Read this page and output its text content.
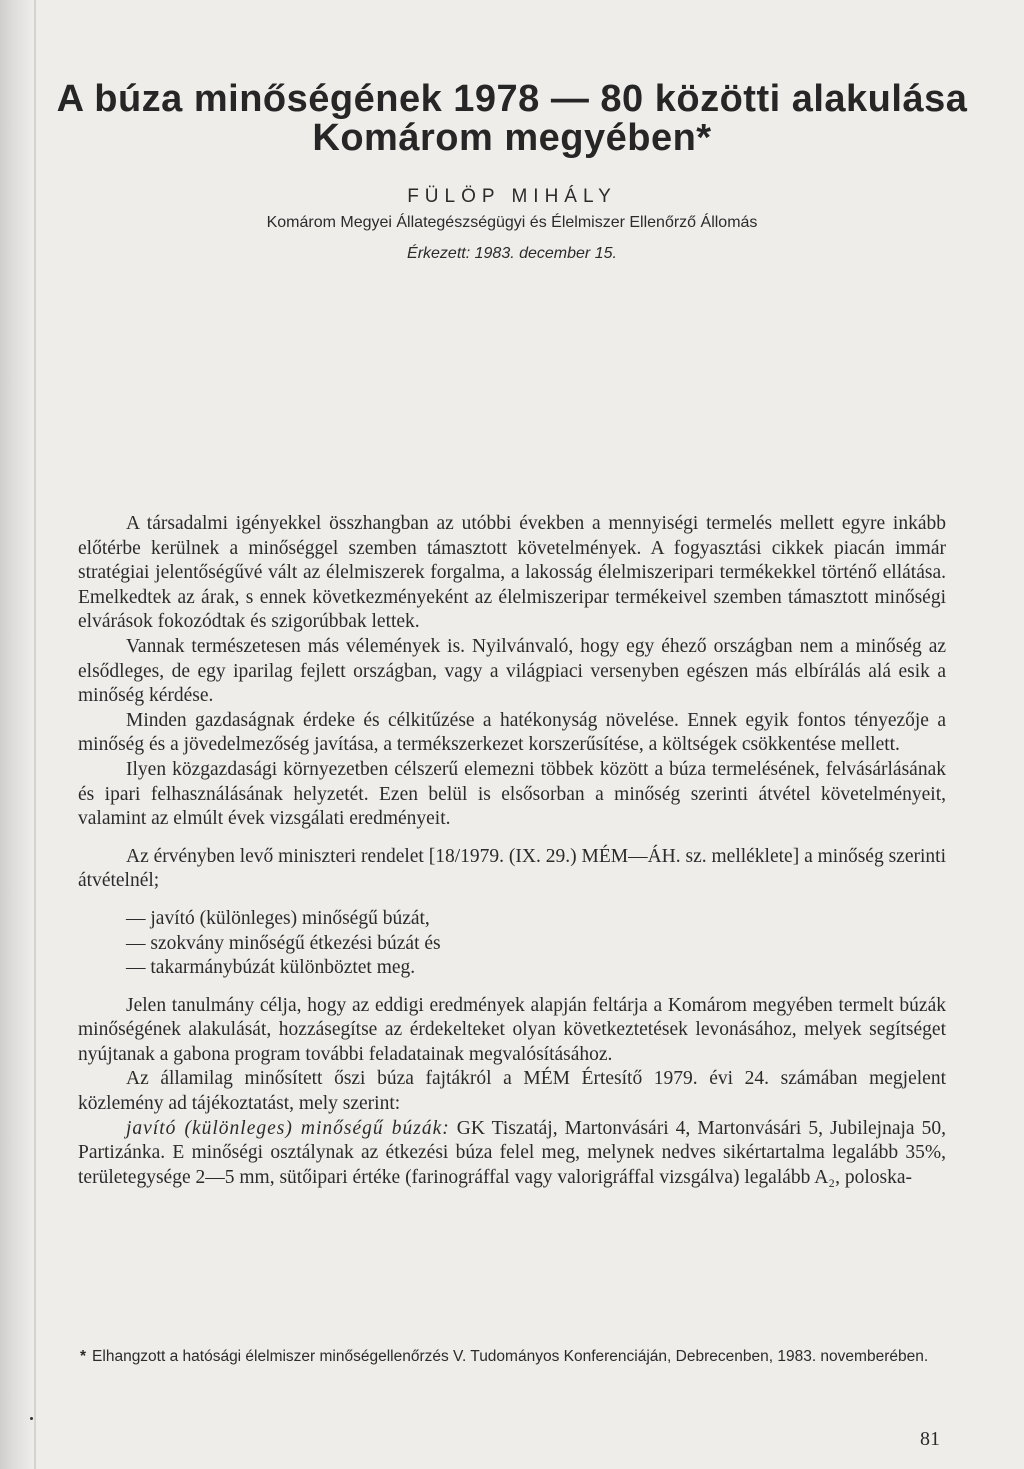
A búza minőségének 1978 — 80 közötti alakulása
Komárom megyében*
FÜLÖP MIHÁLY
Komárom Megyei Állategészségügyi és Élelmiszer Ellenőrző Állomás
Érkezett: 1983. december 15.

A társadalmi igényekkel összhangban az utóbbi években a mennyiségi termelés mellett egyre inkább előtérbe kerülnek a minőséggel szemben támasztott követelmények. A fogyasztási cikkek piacán immár stratégiai jelentőségűvé vált az élelmiszerek forgalma, a lakosság élelmiszeripari termékekkel történő ellátása. Emelkedtek az árak, s ennek következményeként az élelmiszeripar termékeivel szemben támasztott minőségi elvárások fokozódtak és szigorúbbak lettek.

Vannak természetesen más vélemények is. Nyilvánvaló, hogy egy éhező országban nem a minőség az elsődleges, de egy iparilag fejlett országban, vagy a világpiaci versenyben egészen más elbírálás alá esik a minőség kérdése.

Minden gazdaságnak érdeke és célkitűzése a hatékonyság növelése. Ennek egyik fontos tényezője a minőség és a jövedelmezőség javítása, a termékszerkezet korszerűsítése, a költségek csökkentése mellett.

Ilyen közgazdasági környezetben célszerű elemezni többek között a búza termelésének, felvásárlásának és ipari felhasználásának helyzetét. Ezen belül is elsősorban a minőség szerinti átvétel követelményeit, valamint az elmúlt évek vizsgálati eredményeit.

Az érvényben levő miniszteri rendelet [18/1979. (IX. 29.) MÉM—ÁH. sz. melléklete] a minőség szerinti átvételnél;

— javító (különleges) minőségű búzát,
— szokvány minőségű étkezési búzát és
— takarmánybúzát különböztet meg.

Jelen tanulmány célja, hogy az eddigi eredmények alapján feltárja a Komárom megyében termelt búzák minőségének alakulását, hozzásegítse az érdekelteket olyan következtetések levonásához, melyek segítséget nyújtanak a gabona program további feladatainak megvalósításához.

Az államilag minősített őszi búza fajtákról a MÉM Értesítő 1979. évi 24. számában megjelent közlemény ad tájékoztatást, mely szerint:

javító (különleges) minőségű búzák: GK Tiszatáj, Martonvásári 4, Martonvásári 5, Jubilejnaja 50, Partizánka. E minőségi osztálynak az étkezési búza felel meg, melynek nedves sikértartalma legalább 35%, területegysége 2—5 mm, sütőipari értéke (farinográffal vagy valorigráffal vizsgálva) legalább A₂, poloska-

* Elhangzott a hatósági élelmiszer minőségellenőrzés V. Tudományos Konferenciáján, Debrecenben, 1983. novemberében.
81
